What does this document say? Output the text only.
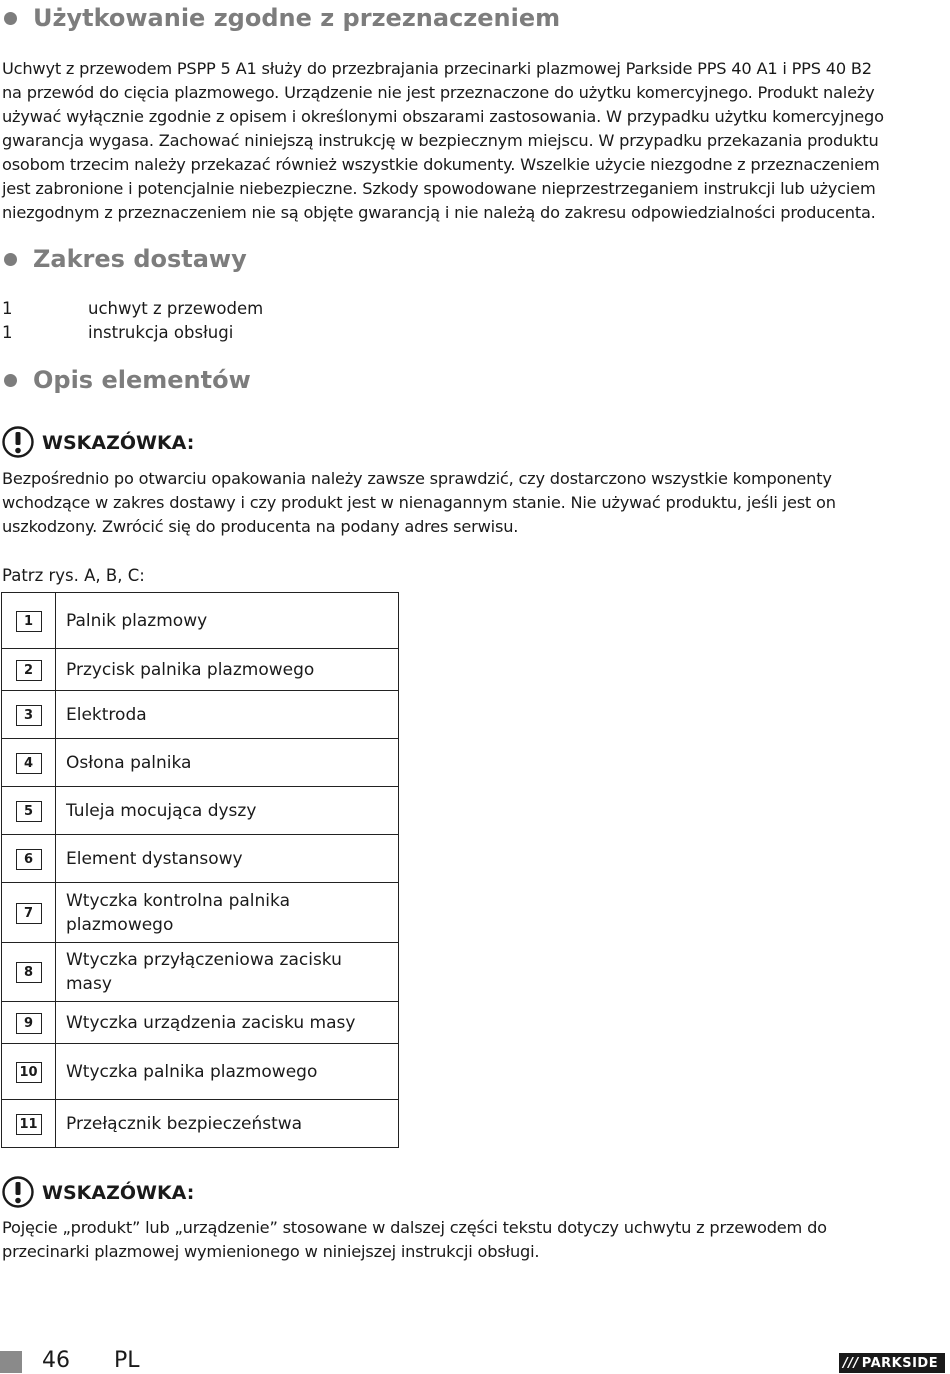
Użytkowanie zgodne z przeznaczeniem
Uchwyt z przewodem PSPP 5 A1 służy do przezbrajania przecinarki plazmowej Parkside PPS 40 A1 i PPS 40 B2
na przewód do cięcia plazmowego. Urządzenie nie jest przeznaczone do użytku komercyjnego. Produkt należy
używać wyłącznie zgodnie z opisem i określonymi obszarami zastosowania. W przypadku użytku komercyjnego
gwarancja wygasa. Zachować niniejszą instrukcję w bezpiecznym miejscu. W przypadku przekazania produktu
osobom trzecim należy przekazać również wszystkie dokumenty. Wszelkie użycie niezgodne z przeznaczeniem
jest zabronione i potencjalnie niebezpieczne. Szkody spowodowane nieprzestrzeganiem instrukcji lub użyciem
niezgodnym z przeznaczeniem nie są objęte gwarancją i nie należą do zakresu odpowiedzialności producenta.
Zakres dostawy
1	uchwyt z przewodem
1	instrukcja obsługi
Opis elementów
WSKAZÓWKA:
Bezpośrednio po otwarciu opakowania należy zawsze sprawdzić, czy dostarczono wszystkie komponenty
wchodzące w zakres dostawy i czy produkt jest w nienagannym stanie. Nie używać produktu, jeśli jest on
uszkodzony. Zwrócić się do producenta na podany adres serwisu.
Patrz rys. A, B, C:
1	Palnik plazmowy
2	Przycisk palnika plazmowego
3	Elektroda
4	Osłona palnika
5	Tuleja mocująca dyszy
6	Element dystansowy
7	Wtyczka kontrolna palnika plazmowego
8	Wtyczka przyłączeniowa zacisku masy
9	Wtyczka urządzenia zacisku masy
10	Wtyczka palnika plazmowego
11	Przełącznik bezpieczeństwa
WSKAZÓWKA:
Pojęcie „produkt” lub „urządzenie” stosowane w dalszej części tekstu dotyczy uchwytu z przewodem do
przecinarki plazmowej wymienionego w niniejszej instrukcji obsługi.
46 PL	/// PARKSIDE
